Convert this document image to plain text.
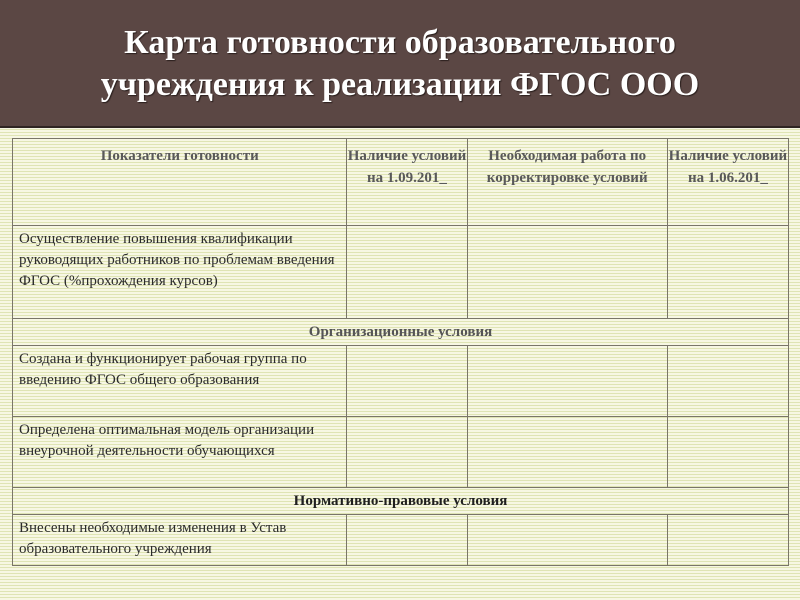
Карта готовности образовательного учреждения к реализации ФГОС ООО
Показатели готовности	Наличие условий на 1.09.201_	Необходимая работа по корректировке условий	Наличие условий на 1.06.201_

Осуществление повышения квалификации руководящих работников по проблемам введения ФГОС (%прохождения курсов)			

Организационные условия			

Создана и функционирует рабочая группа по введению ФГОС общего образования			

Определена оптимальная модель организации внеурочной деятельности обучающихся			

Нормативно-правовые условия			

Внесены необходимые изменения в Устав образовательного учреждения			
